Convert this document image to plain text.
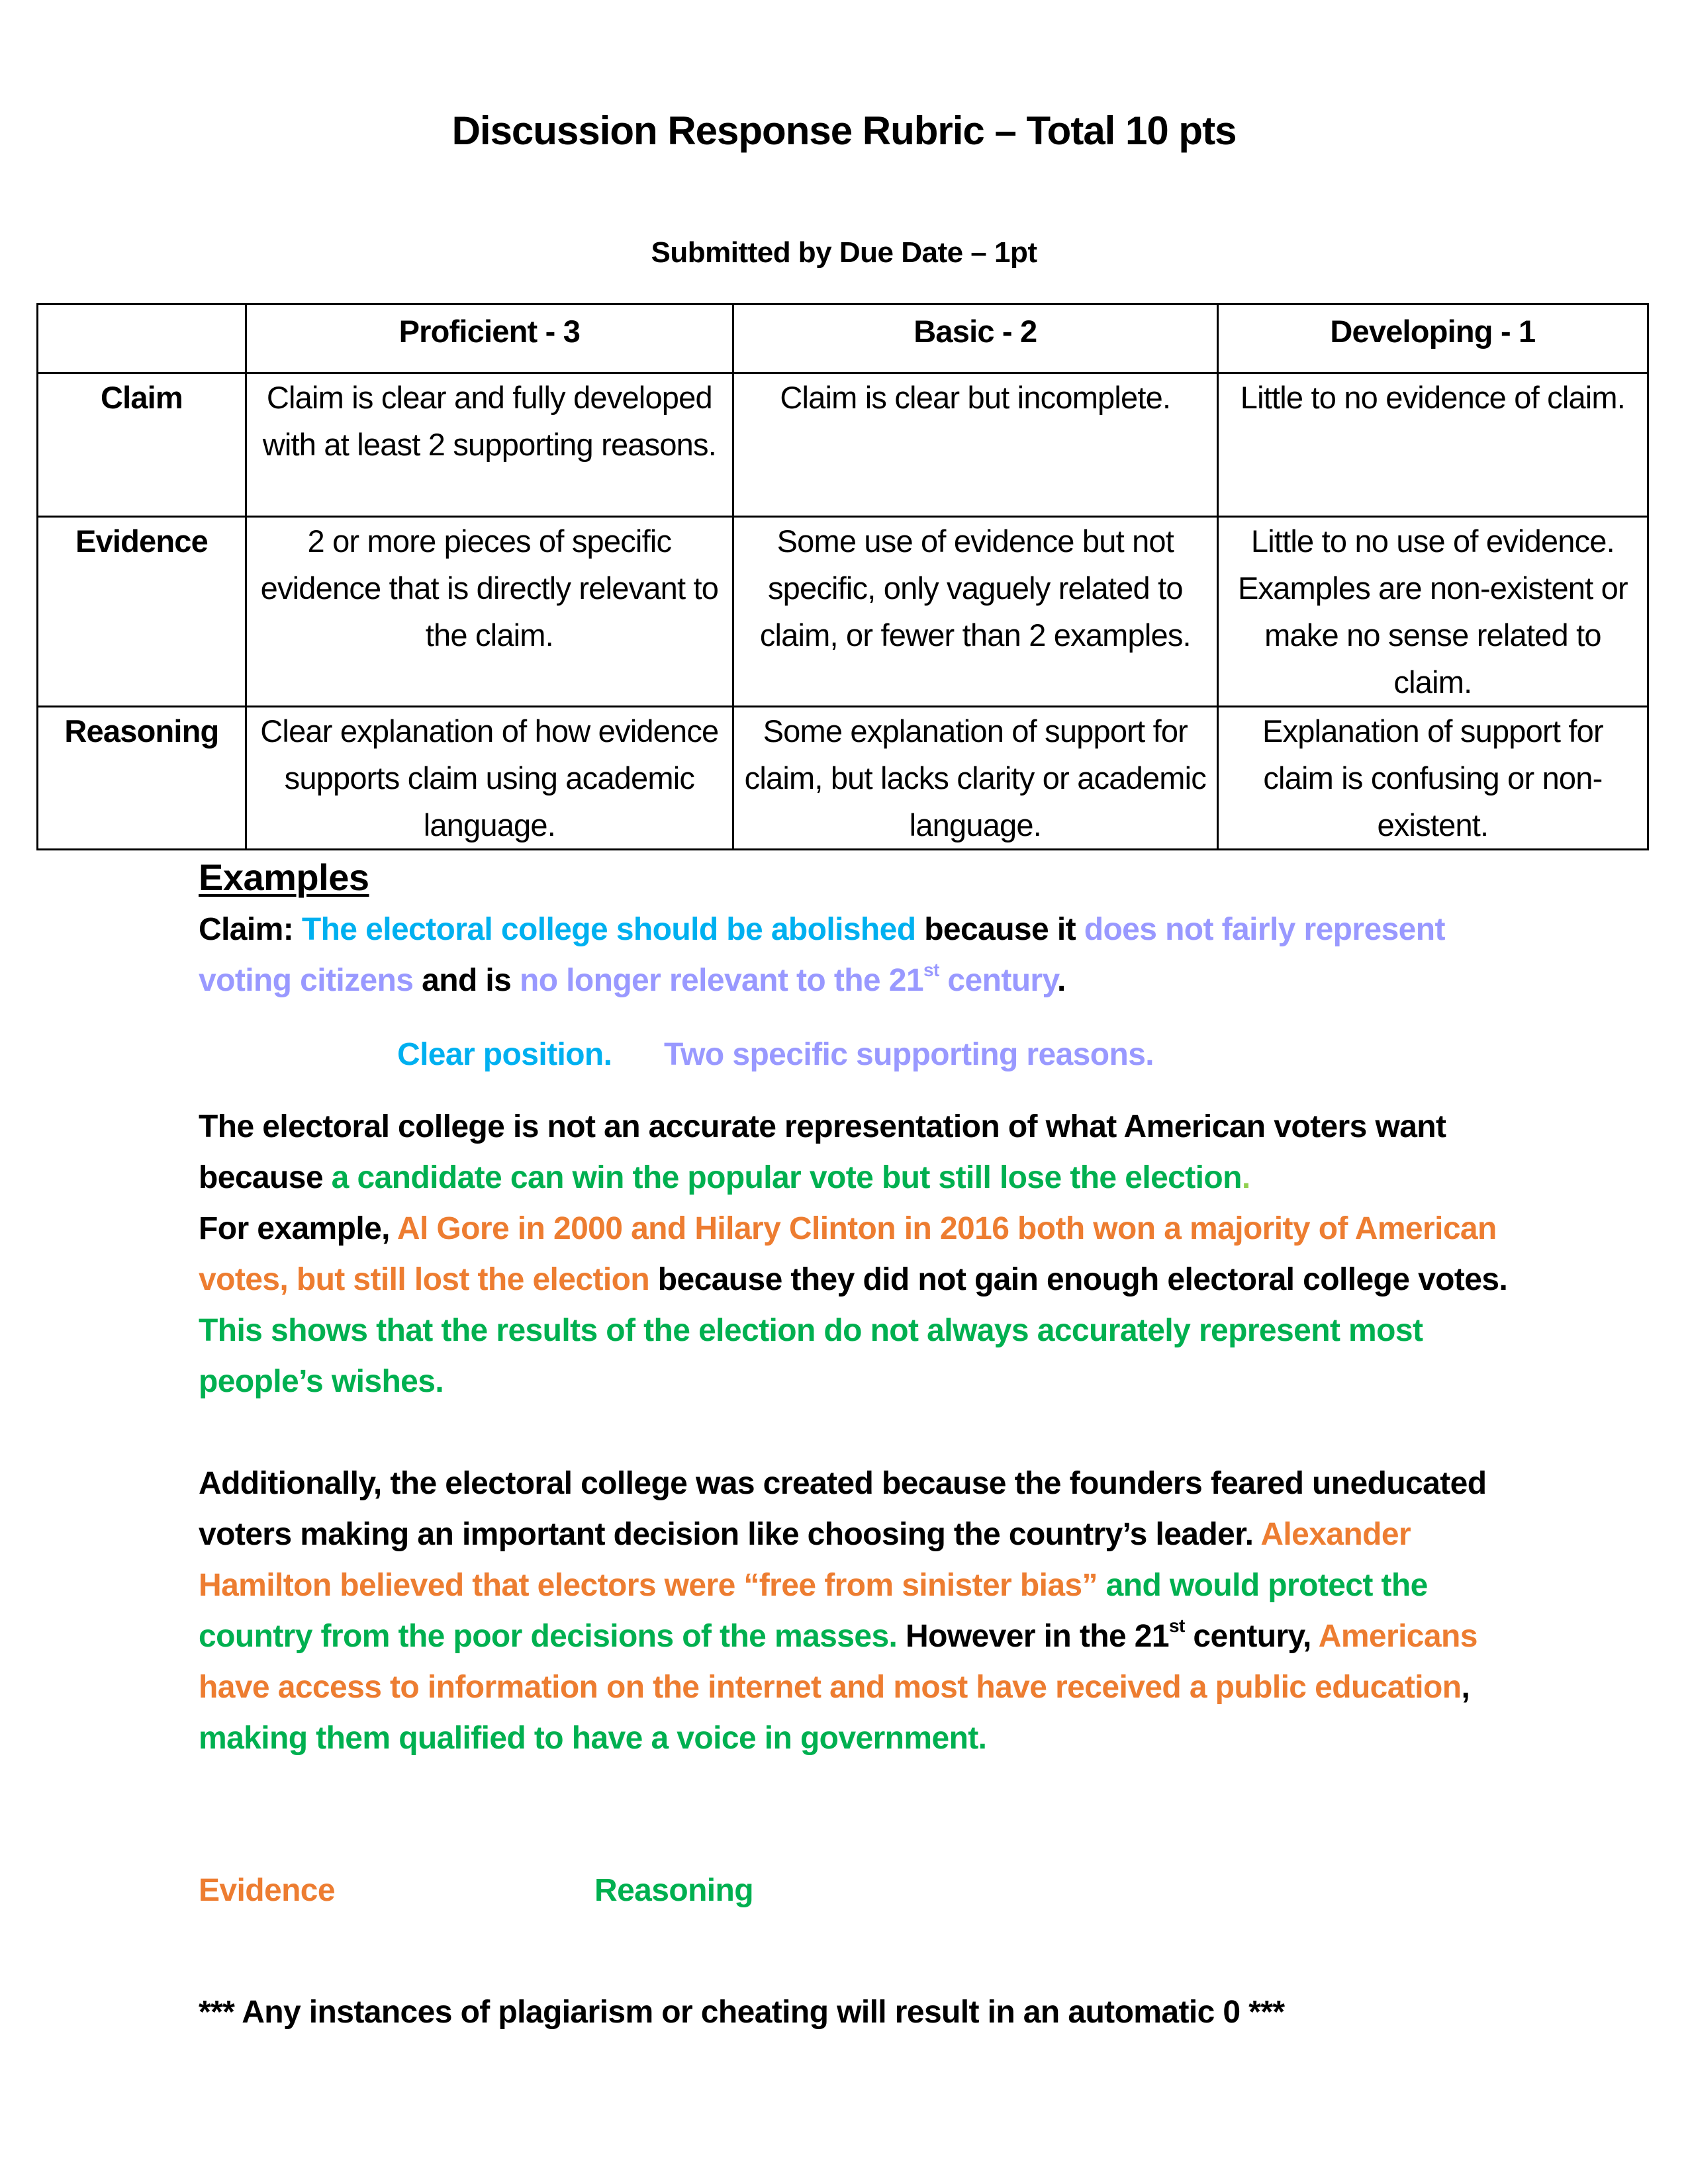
Discussion Response Rubric – Total 10 pts
Submitted by Due Date – 1pt
	Proficient - 3	Basic - 2	Developing - 1
Claim	Claim is clear and fully developed with at least 2 supporting reasons.	Claim is clear but incomplete.	Little to no evidence of claim.
Evidence	2 or more pieces of specific evidence that is directly relevant to the claim.	Some use of evidence but not specific, only vaguely related to claim, or fewer than 2 examples.	Little to no use of evidence. Examples are non-existent or make no sense related to claim.
Reasoning	Clear explanation of how evidence supports claim using academic language.	Some explanation of support for claim, but lacks clarity or academic language.	Explanation of support for claim is confusing or non-existent.
Examples
Claim: The electoral college should be abolished because it does not fairly represent voting citizens and is no longer relevant to the 21st century.
Clear position. Two specific supporting reasons.
The electoral college is not an accurate representation of what American voters want because a candidate can win the popular vote but still lose the election.
For example, Al Gore in 2000 and Hilary Clinton in 2016 both won a majority of American votes, but still lost the election because they did not gain enough electoral college votes. This shows that the results of the election do not always accurately represent most people’s wishes.
Additionally, the electoral college was created because the founders feared uneducated voters making an important decision like choosing the country’s leader. Alexander Hamilton believed that electors were “free from sinister bias” and would protect the country from the poor decisions of the masses. However in the 21st century, Americans have access to information on the internet and most have received a public education, making them qualified to have a voice in government.
Evidence	Reasoning
*** Any instances of plagiarism or cheating will result in an automatic 0 ***
